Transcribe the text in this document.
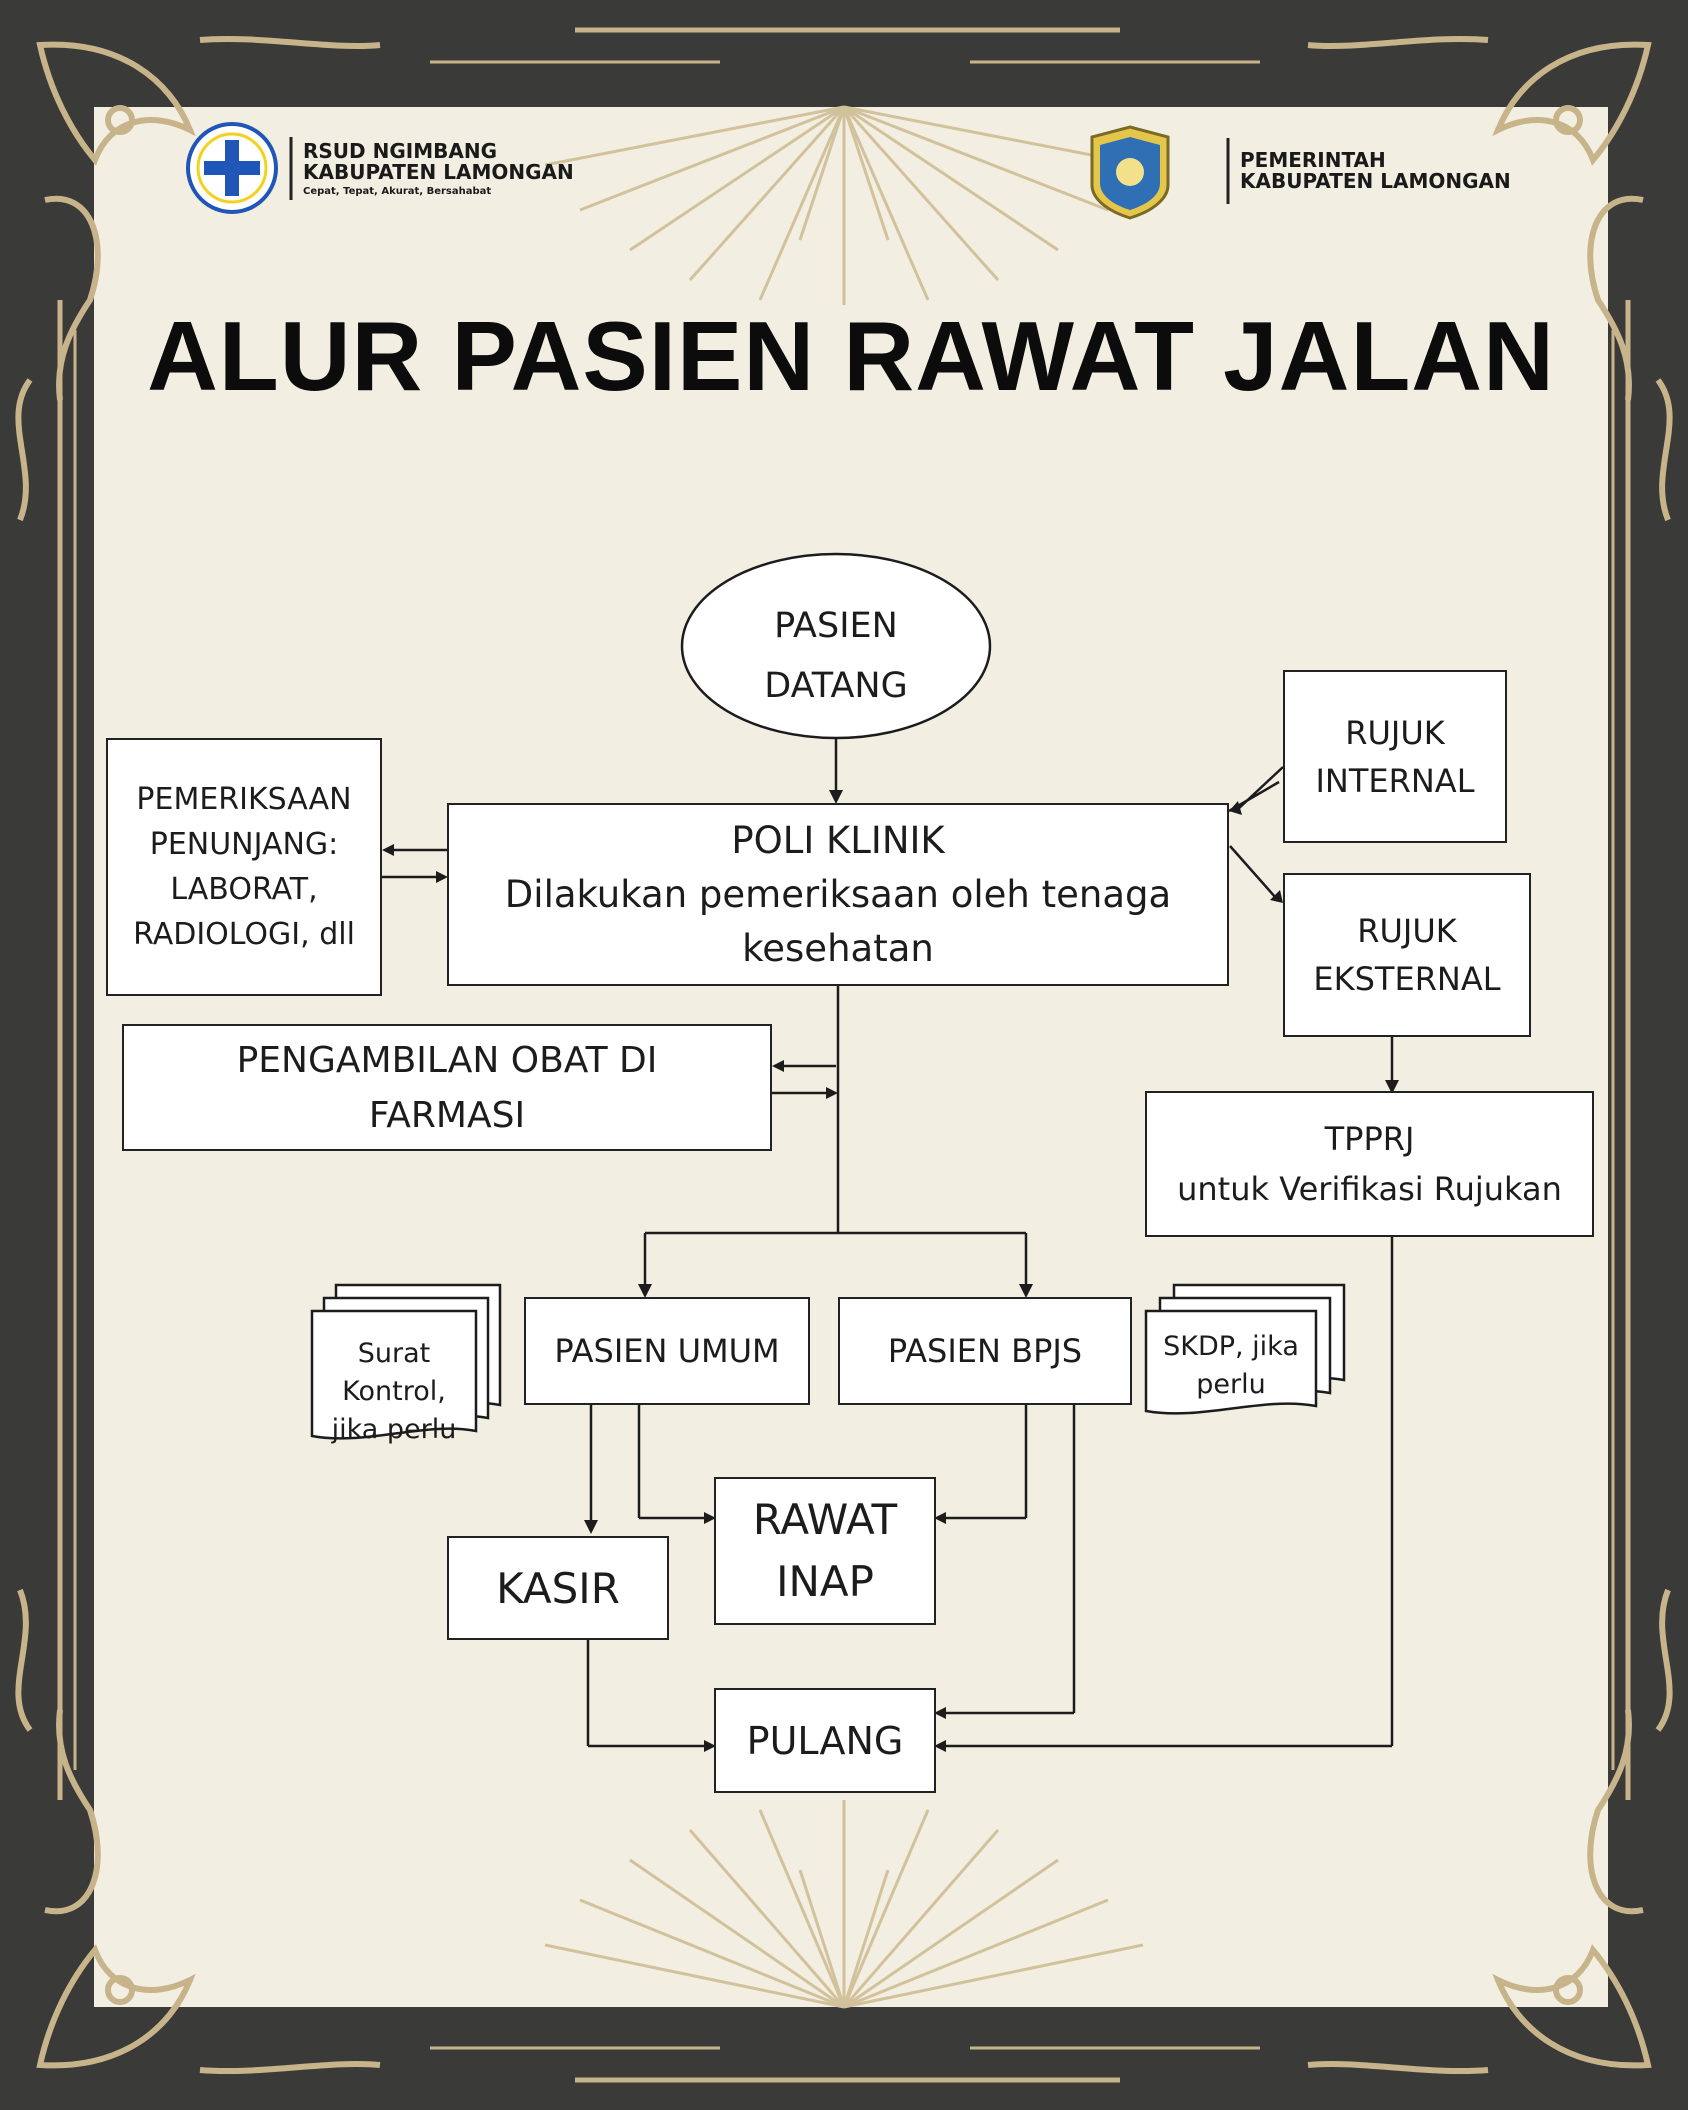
RSUD NGIMBANG
KABUPATEN LAMONGAN
Cepat, Tepat, Akurat, Bersahabat
PEMERINTAH
KABUPATEN LAMONGAN
ALUR PASIEN RAWAT JALAN
PASIEN
DATANG
POLI KLINIK
Dilakukan pemeriksaan oleh tenaga
kesehatan
PEMERIKSAAN
PENUNJANG:
LABORAT,
RADIOLOGI, dll
PENGAMBILAN OBAT DI
FARMASI
RUJUK
INTERNAL
RUJUK
EKSTERNAL
TPPRJ
untuk Verifikasi Rujukan
PASIEN UMUM	PASIEN BPJS
Surat
Kontrol,
jika perlu
SKDP, jika
perlu
KASIR
RAWAT
INAP
PULANG
